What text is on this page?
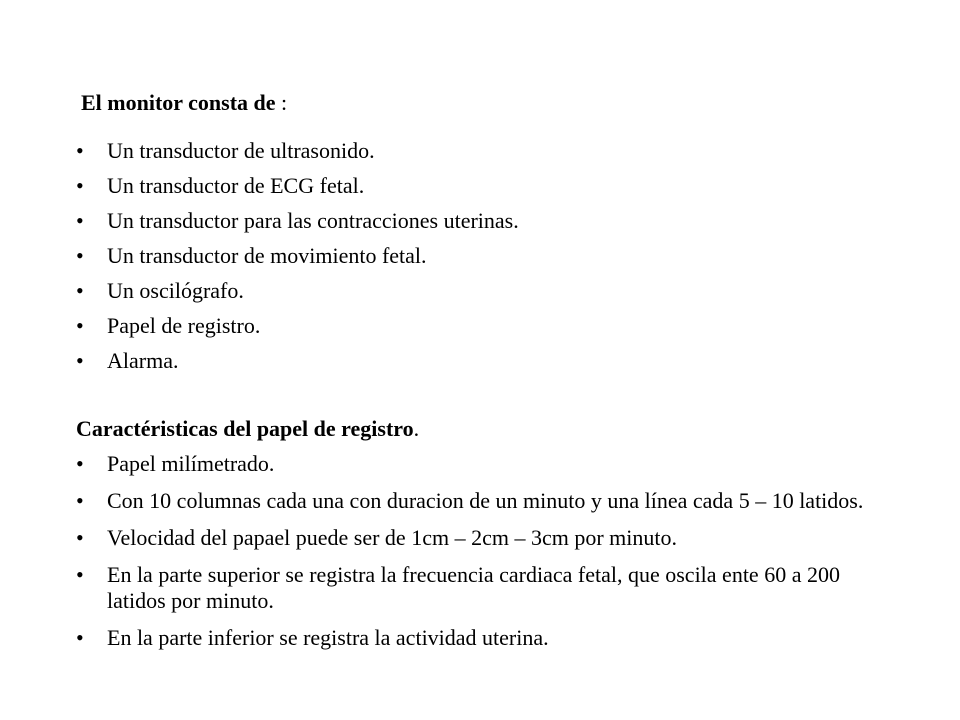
El monitor consta de :
•	Un transductor de ultrasonido.
•	Un transductor de ECG fetal.
•	Un transductor para las contracciones uterinas.
•	Un transductor de movimiento fetal.
•	Un oscilógrafo.
•	Papel de registro.
•	Alarma.
Caractéristicas del papel de registro.
•	Papel milímetrado.
•	Con 10 columnas cada una con duracion de un minuto y una línea cada 5 – 10 latidos.
•	Velocidad del papael puede ser de 1cm – 2cm – 3cm por minuto.
•	En la parte superior se registra la frecuencia cardiaca fetal, que oscila ente 60 a 200 latidos por minuto.
•	En la parte inferior se registra la actividad uterina.
